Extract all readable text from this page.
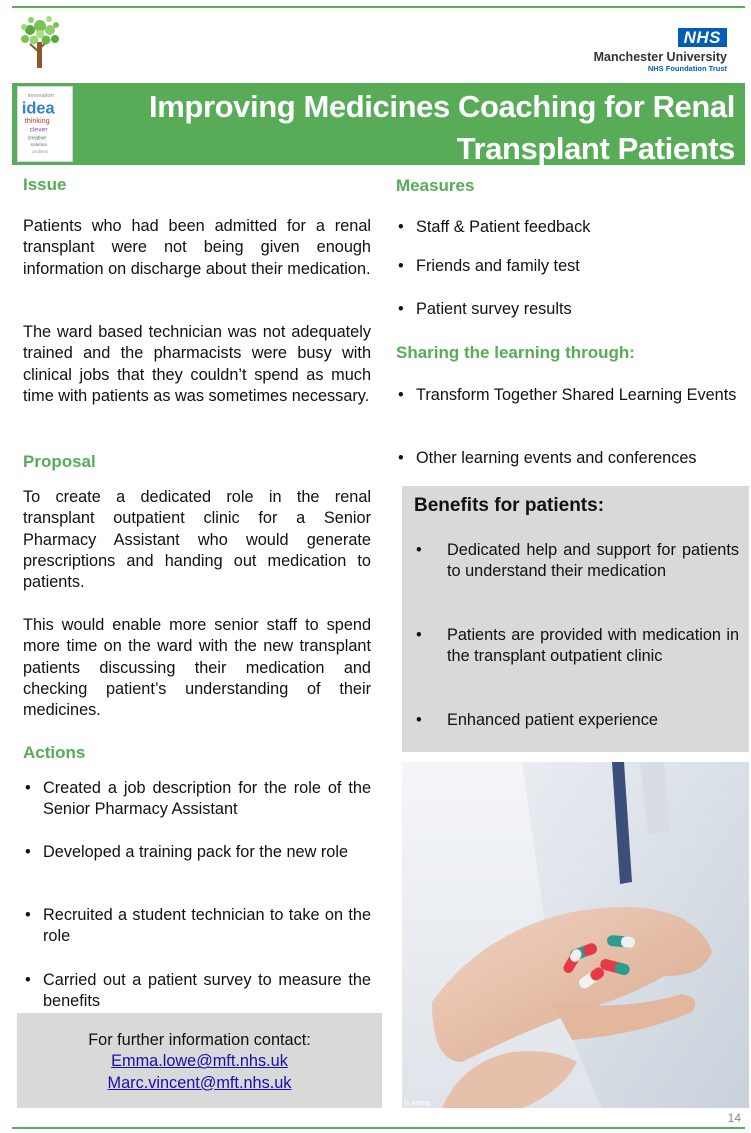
NHS
Manchester University
NHS Foundation Trust
Improving Medicines Coaching for Renal
Transplant Patients
innovation
idea
thinking
clever
creative
solution
problem
Issue
Patients who had been admitted for a renal transplant were not being given enough information on discharge about their medication.
The ward based technician was not adequately trained and the pharmacists were busy with clinical jobs that they couldn’t spend as much time with patients as was sometimes necessary.
Proposal
To create a dedicated role in the renal transplant outpatient clinic for a Senior Pharmacy Assistant who would generate prescriptions and handing out medication to patients.
This would enable more senior staff to spend more time on the ward with the new transplant patients discussing their medication and checking patient’s understanding of their medicines.
Actions
• Created a job description for the role of the Senior Pharmacy Assistant
• Developed a training pack for the new role
• Recruited a student technician to take on the role
• Carried out a patient survey to measure the benefits
For further information contact:
Emma.lowe@mft.nhs.uk
Marc.vincent@mft.nhs.uk
Measures
• Staff & Patient feedback
• Friends and family test
• Patient survey results
Sharing the learning through:
• Transform Together Shared Learning Events
• Other learning events and conferences
Benefits for patients:
• Dedicated help and support for patients to understand their medication
• Patients are provided with medication in the transplant outpatient clinic
• Enhanced patient experience
© Alamy
14
